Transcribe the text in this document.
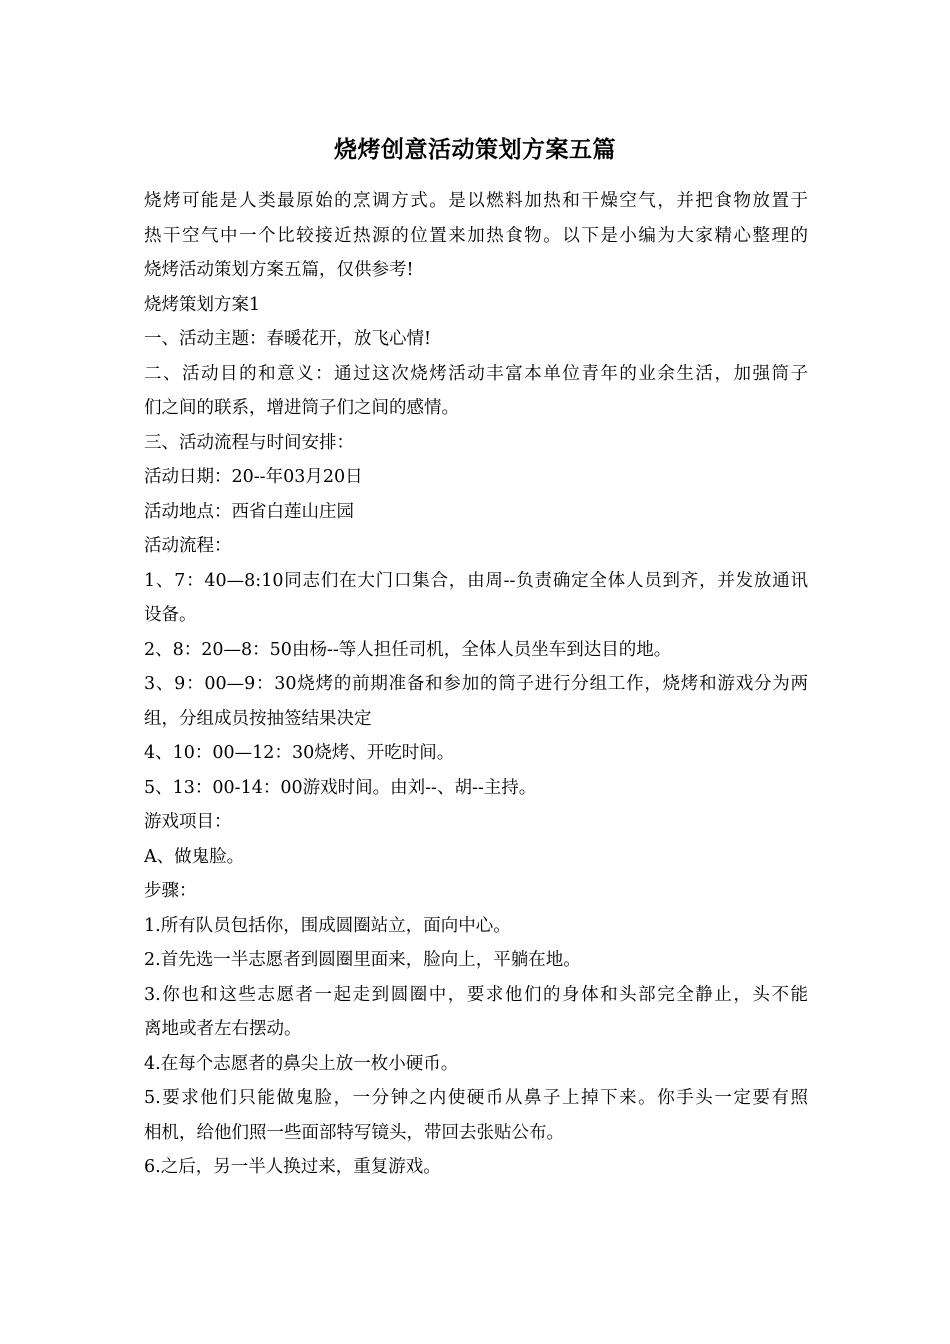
烧烤创意活动策划方案五篇

烧烤可能是人类最原始的烹调方式。是以燃料加热和干燥空气，并把食物放置于

热干空气中一个比较接近热源的位置来加热食物。以下是小编为大家精心整理的

烧烤活动策划方案五篇，仅供参考!

烧烤策划方案1

一、活动主题：春暖花开，放飞心情!

二、活动目的和意义：通过这次烧烤活动丰富本单位青年的业余生活，加强筒子

们之间的联系，增进筒子们之间的感情。

三、活动流程与时间安排：

活动日期：20--年03月20日

活动地点：西省白莲山庄园

活动流程：

1、7：40—8:10同志们在大门口集合，由周--负责确定全体人员到齐，并发放通讯

设备。

2、8：20—8：50由杨--等人担任司机，全体人员坐车到达目的地。

3、9：00—9：30烧烤的前期准备和参加的筒子进行分组工作，烧烤和游戏分为两

组，分组成员按抽签结果决定

4、10：00—12：30烧烤、开吃时间。

5、13：00-14：00游戏时间。由刘--、胡--主持。

游戏项目：

A、做鬼脸。

步骤：

1.所有队员包括你，围成圆圈站立，面向中心。

2.首先选一半志愿者到圆圈里面来，脸向上，平躺在地。

3.你也和这些志愿者一起走到圆圈中，要求他们的身体和头部完全静止，头不能

离地或者左右摆动。

4.在每个志愿者的鼻尖上放一枚小硬币。

5.要求他们只能做鬼脸，一分钟之内使硬币从鼻子上掉下来。你手头一定要有照

相机，给他们照一些面部特写镜头，带回去张贴公布。

6.之后，另一半人换过来，重复游戏。
